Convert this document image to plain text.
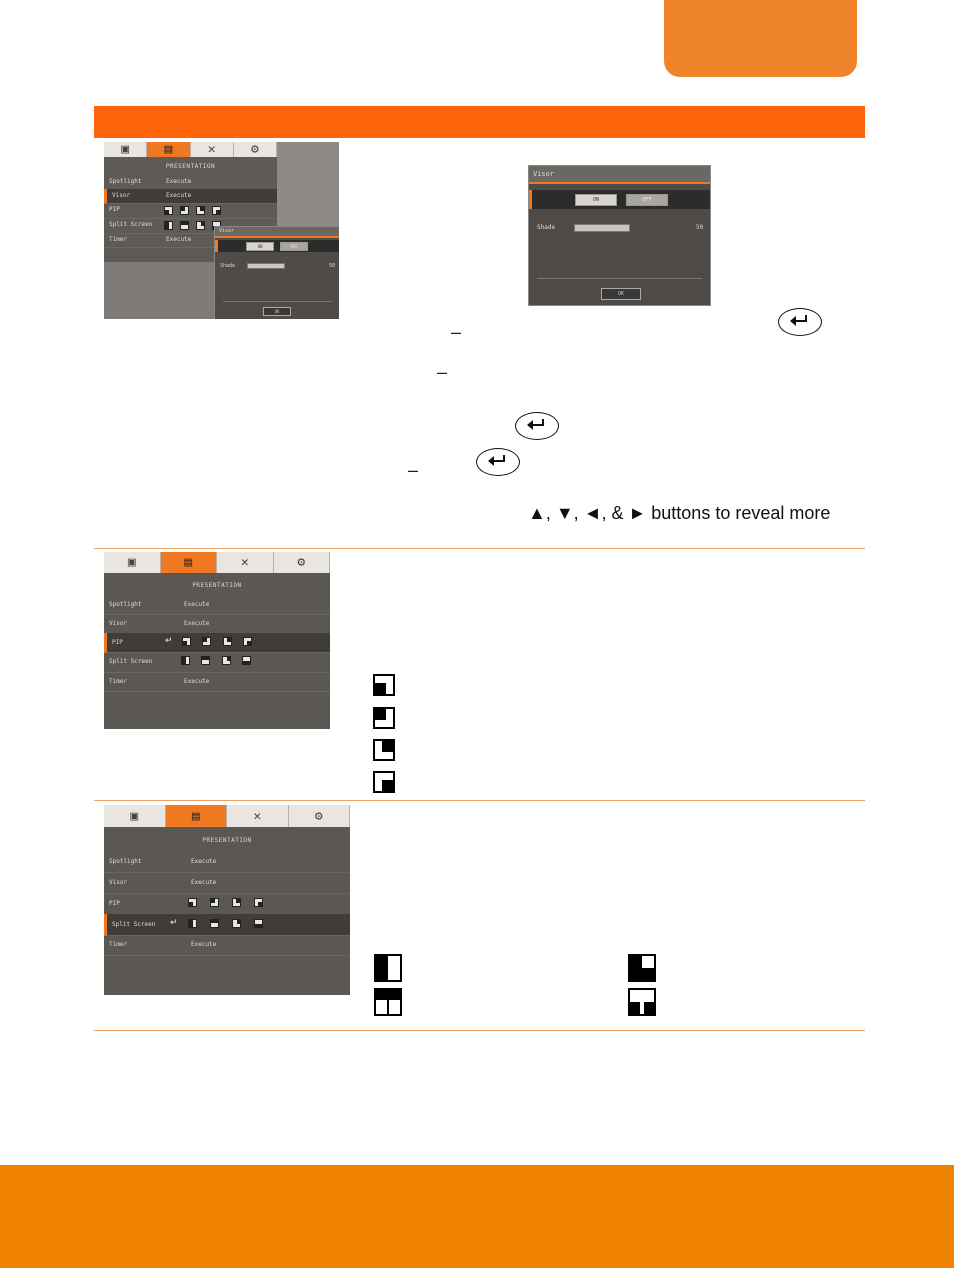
▣	▤	✕	⚙
PRESENTATION
Spotlight	Execute
Visor	Execute
PIP
Split Screen
Timer	Execute
Visor
ON	OFF
Shade	50
OK
Visor
ON	OFF
Shade	50
OK
–
–
–
▲, ▼, ◄, & ► buttons to reveal more
▣	▤	✕	⚙
PRESENTATION
Spotlight	Execute
Visor	Execute
PIP	↵
Split Screen
Timer	Execute
▣	▤	✕	⚙
PRESENTATION
Spotlight	Execute
Visor	Execute
PIP
Split Screen ↵
Timer	Execute
